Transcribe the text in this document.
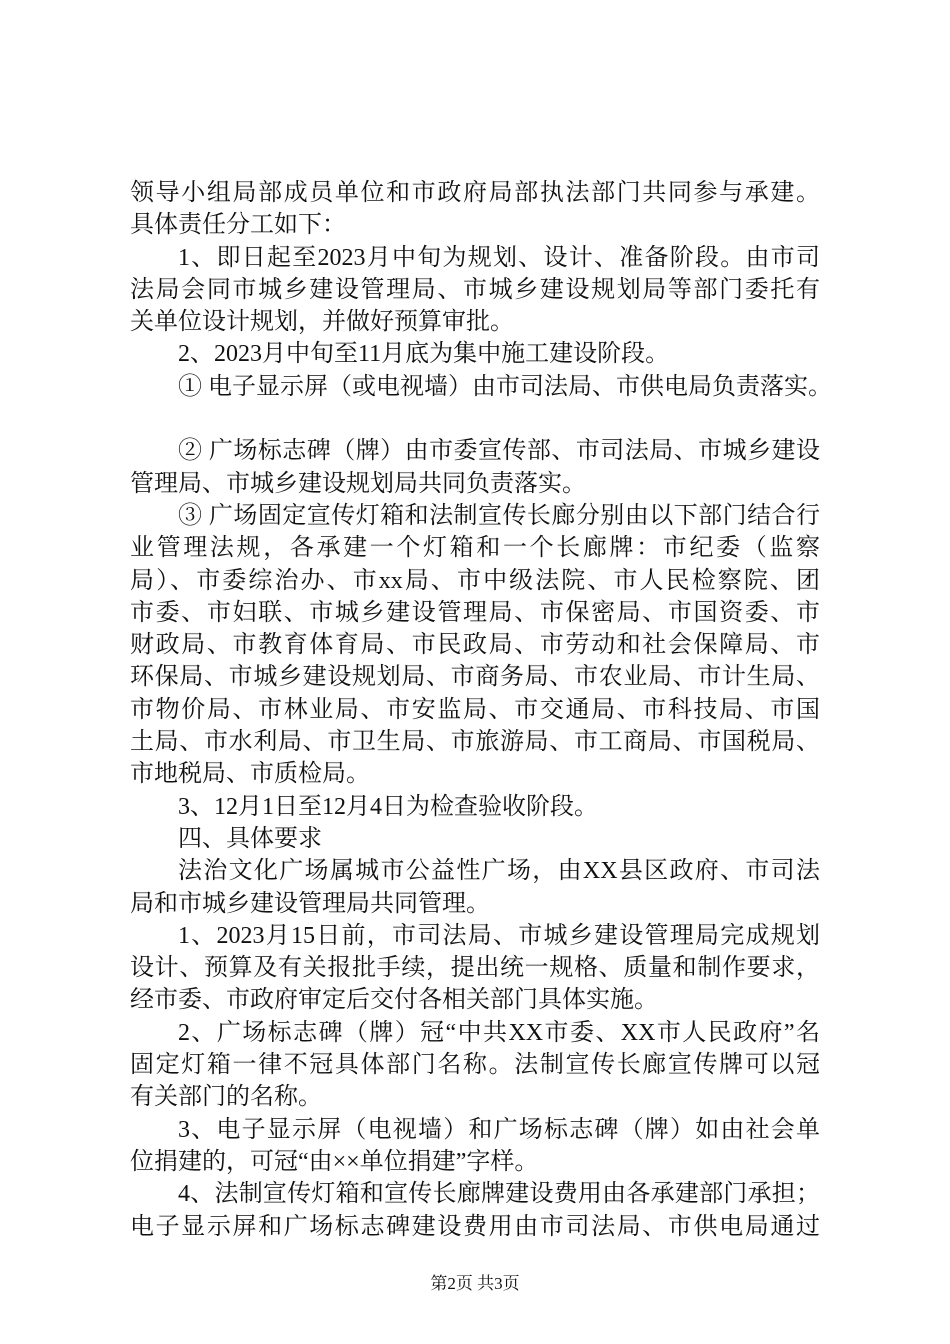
领导小组局部成员单位和市政府局部执法部门共同参与承建。
具体责任分工如下：
1、即日起至2023月中旬为规划、设计、准备阶段。由市司
法局会同市城乡建设管理局、市城乡建设规划局等部门委托有
关单位设计规划，并做好预算审批。
2、2023月中旬至11月底为集中施工建设阶段。
① 电子显示屏（或电视墙）由市司法局、市供电局负责落实。
② 广场标志碑（牌）由市委宣传部、市司法局、市城乡建设
管理局、市城乡建设规划局共同负责落实。
③ 广场固定宣传灯箱和法制宣传长廊分别由以下部门结合行
业管理法规，各承建一个灯箱和一个长廊牌：市纪委（监察
局）、市委综治办、市xx局、市中级法院、市人民检察院、团
市委、市妇联、市城乡建设管理局、市保密局、市国资委、市
财政局、市教育体育局、市民政局、市劳动和社会保障局、市
环保局、市城乡建设规划局、市商务局、市农业局、市计生局、
市物价局、市林业局、市安监局、市交通局、市科技局、市国
土局、市水利局、市卫生局、市旅游局、市工商局、市国税局、
市地税局、市质检局。
3、12月1日至12月4日为检查验收阶段。
四、具体要求
法治文化广场属城市公益性广场，由XX县区政府、市司法
局和市城乡建设管理局共同管理。
1、2023月15日前，市司法局、市城乡建设管理局完成规划
设计、预算及有关报批手续，提出统一规格、质量和制作要求，
经市委、市政府审定后交付各相关部门具体实施。
2、广场标志碑（牌）冠“中共XX市委、XX市人民政府”名
固定灯箱一律不冠具体部门名称。法制宣传长廊宣传牌可以冠
有关部门的名称。
3、电子显示屏（电视墙）和广场标志碑（牌）如由社会单
位捐建的，可冠“由××单位捐建”字样。
4、法制宣传灯箱和宣传长廊牌建设费用由各承建部门承担；
电子显示屏和广场标志碑建设费用由市司法局、市供电局通过
第2页 共3页
